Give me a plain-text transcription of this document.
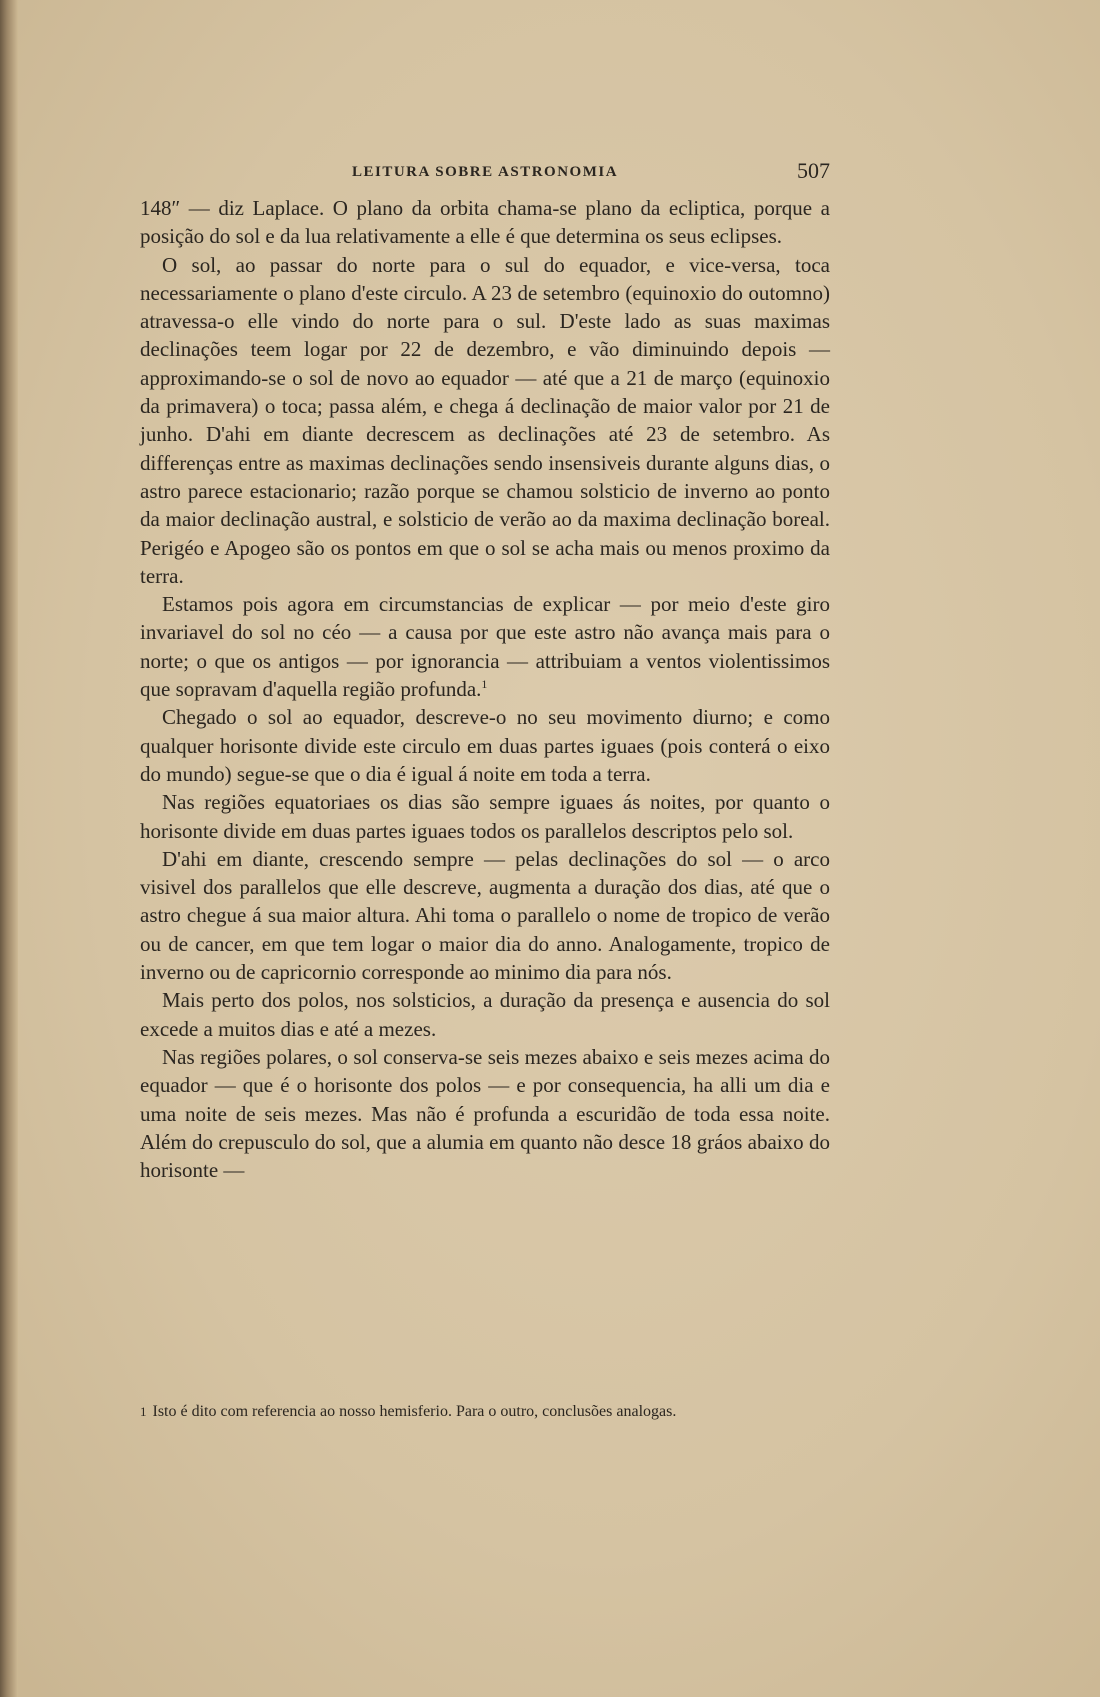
LEITURA SOBRE ASTRONOMIA	507

148″ — diz Laplace. O plano da orbita chama-se plano da ecliptica, porque a posição do sol e da lua relativamente a elle é que determina os seus eclipses.

O sol, ao passar do norte para o sul do equador, e vice-versa, toca necessariamente o plano d'este circulo. A 23 de setembro (equinoxio do outomno) atravessa-o elle vindo do norte para o sul. D'este lado as suas maximas declinações teem logar por 22 de dezembro, e vão diminuindo depois — approximando-se o sol de novo ao equador — até que a 21 de março (equinoxio da primavera) o toca; passa além, e chega á declinação de maior valor por 21 de junho. D'ahi em diante decrescem as declinações até 23 de setembro. As differenças entre as maximas declinações sendo insensiveis durante alguns dias, o astro parece estacionario; razão porque se chamou solsticio de inverno ao ponto da maior declinação austral, e solsticio de verão ao da maxima declinação boreal. Perigéo e Apogeo são os pontos em que o sol se acha mais ou menos proximo da terra.

Estamos pois agora em circumstancias de explicar — por meio d'este giro invariavel do sol no céo — a causa por que este astro não avança mais para o norte; o que os antigos — por ignorancia — attribuiam a ventos violentissimos que sopravam d'aquella região profunda.$^1$

Chegado o sol ao equador, descreve-o no seu movimento diurno; e como qualquer horisonte divide este circulo em duas partes iguaes (pois conterá o eixo do mundo) segue-se que o dia é igual á noite em toda a terra.

Nas regiões equatoriaes os dias são sempre iguaes ás noites, por quanto o horisonte divide em duas partes iguaes todos os parallelos descriptos pelo sol.

D'ahi em diante, crescendo sempre — pelas declinações do sol — o arco visivel dos parallelos que elle descreve, augmenta a duração dos dias, até que o astro chegue á sua maior altura. Ahi toma o parallelo o nome de tropico de verão ou de cancer, em que tem logar o maior dia do anno. Analogamente, tropico de inverno ou de capricornio corresponde ao minimo dia para nós.

Mais perto dos polos, nos solsticios, a duração da presença e ausencia do sol excede a muitos dias e até a mezes.

Nas regiões polares, o sol conserva-se seis mezes abaixo e seis mezes acima do equador — que é o horisonte dos polos — e por consequencia, ha alli um dia e uma noite de seis mezes. Mas não é profunda a escuridão de toda essa noite. Além do crepusculo do sol, que a alumia em quanto não desce 18 gráos abaixo do horisonte —

1 Isto é dito com referencia ao nosso hemisferio. Para o outro, conclusões analogas.
